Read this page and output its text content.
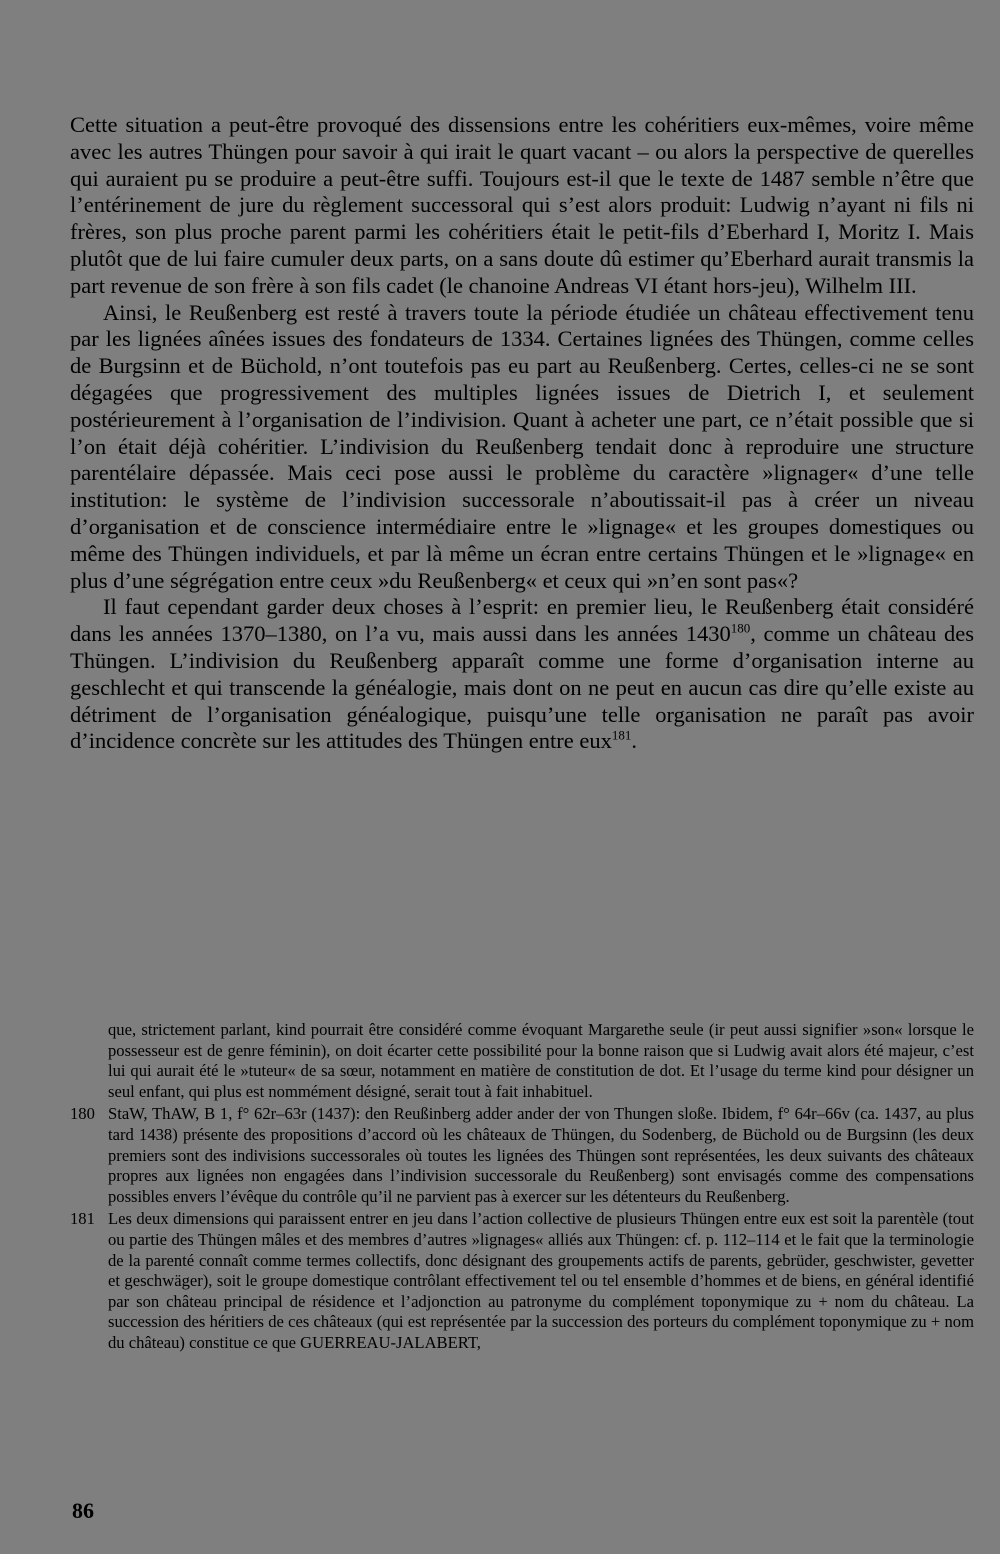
Cette situation a peut-être provoqué des dissensions entre les cohéritiers eux-mêmes, voire même avec les autres Thüngen pour savoir à qui irait le quart vacant – ou alors la perspective de querelles qui auraient pu se produire a peut-être suffi. Toujours est-il que le texte de 1487 semble n’être que l’entérinement de jure du règlement successoral qui s’est alors produit: Ludwig n’ayant ni fils ni frères, son plus proche parent parmi les cohéritiers était le petit-fils d’Eberhard I, Moritz I. Mais plutôt que de lui faire cumuler deux parts, on a sans doute dû estimer qu’Eberhard aurait transmis la part revenue de son frère à son fils cadet (le chanoine Andreas VI étant hors-jeu), Wilhelm III.

Ainsi, le Reußenberg est resté à travers toute la période étudiée un château effectivement tenu par les lignées aînées issues des fondateurs de 1334. Certaines lignées des Thüngen, comme celles de Burgsinn et de Büchold, n’ont toutefois pas eu part au Reußenberg. Certes, celles-ci ne se sont dégagées que progressivement des multiples lignées issues de Dietrich I, et seulement postérieurement à l’organisation de l’indivision. Quant à acheter une part, ce n’était possible que si l’on était déjà cohéritier. L’indivision du Reußenberg tendait donc à reproduire une structure parentélaire dépassée. Mais ceci pose aussi le problème du caractère »lignager« d’une telle institution: le système de l’indivision successorale n’aboutissait-il pas à créer un niveau d’organisation et de conscience intermédiaire entre le »lignage« et les groupes domestiques ou même des Thüngen individuels, et par là même un écran entre certains Thüngen et le »lignage« en plus d’une ségrégation entre ceux »du Reußenberg« et ceux qui »n’en sont pas«?

Il faut cependant garder deux choses à l’esprit: en premier lieu, le Reußenberg était considéré dans les années 1370–1380, on l’a vu, mais aussi dans les années 1430$^{180}$, comme un château des Thüngen. L’indivision du Reußenberg apparaît comme une forme d’organisation interne au geschlecht et qui transcende la généalogie, mais dont on ne peut en aucun cas dire qu’elle existe au détriment de l’organisation généalogique, puisqu’une telle organisation ne paraît pas avoir d’incidence concrète sur les attitudes des Thüngen entre eux$^{181}$.

que, strictement parlant, kind pourrait être considéré comme évoquant Margarethe seule (ir peut aussi signifier »son« lorsque le possesseur est de genre féminin), on doit écarter cette possibilité pour la bonne raison que si Ludwig avait alors été majeur, c’est lui qui aurait été le »tuteur« de sa sœur, notamment en matière de constitution de dot. Et l’usage du terme kind pour désigner un seul enfant, qui plus est nommément désigné, serait tout à fait inhabituel.
180 StaW, ThAW, B 1, f° 62r–63r (1437): den Reußinberg adder ander der von Thungen sloße. Ibidem, f° 64r–66v (ca. 1437, au plus tard 1438) présente des propositions d’accord où les châteaux de Thüngen, du Sodenberg, de Büchold ou de Burgsinn (les deux premiers sont des indivisions successorales où toutes les lignées des Thüngen sont représentées, les deux suivants des châteaux propres aux lignées non engagées dans l’indivision successorale du Reußenberg) sont envisagés comme des compensations possibles envers l’évêque du contrôle qu’il ne parvient pas à exercer sur les détenteurs du Reußenberg.
181 Les deux dimensions qui paraissent entrer en jeu dans l’action collective de plusieurs Thüngen entre eux est soit la parentèle (tout ou partie des Thüngen mâles et des membres d’autres »lignages« alliés aux Thüngen: cf. p. 112–114 et le fait que la terminologie de la parenté connaît comme termes collectifs, donc désignant des groupements actifs de parents, gebrüder, geschwister, gevetter et geschwäger), soit le groupe domestique contrôlant effectivement tel ou tel ensemble d’hommes et de biens, en général identifié par son château principal de résidence et l’adjonction au patronyme du complément toponymique zu + nom du château. La succession des héritiers de ces châteaux (qui est représentée par la succession des porteurs du complément toponymique zu + nom du château) constitue ce que GUERREAU-JALABERT,
86
